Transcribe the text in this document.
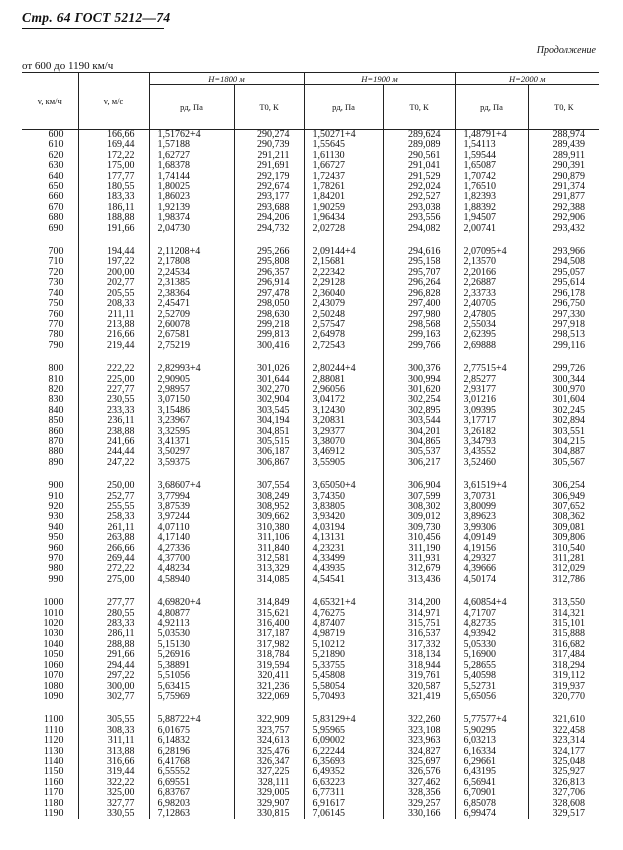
Стр. 64 ГОСТ 5212—74
Продолжение
от 600 до 1190 км/ч
v, км/ч	v, м/с	H=1800 м		H=1900 м		H=2000 м	
		pд, Па	T0, К	pд, Па	T0, К	pд, Па	T0, К
600	166,66	1,51762+4	290,274	1,50271+4	289,624	1,48791+4	288,974
610	169,44	1,57188	290,739	1,55645	289,089	1,54113	289,439
620	172,22	1,62727	291,211	1,61130	290,561	1,59544	289,911
630	175,00	1,68378	291,691	1,66727	291,041	1,65087	290,391
640	177,77	1,74144	292,179	1,72437	291,529	1,70742	290,879
650	180,55	1,80025	292,674	1,78261	292,024	1,76510	291,374
660	183,33	1,86023	293,177	1,84201	292,527	1,82393	291,877
670	186,11	1,92139	293,688	1,90259	293,038	1,88392	292,388
680	188,88	1,98374	294,206	1,96434	293,556	1,94507	292,906
690	191,66	2,04730	294,732	2,02728	294,082	2,00741	293,432

700	194,44	2,11208+4	295,266	2,09144+4	294,616	2,07095+4	293,966
710	197,22	2,17808	295,808	2,15681	295,158	2,13570	294,508
720	200,00	2,24534	296,357	2,22342	295,707	2,20166	295,057
730	202,77	2,31385	296,914	2,29128	296,264	2,26887	295,614
740	205,55	2,38364	297,478	2,36040	296,828	2,33733	296,178
750	208,33	2,45471	298,050	2,43079	297,400	2,40705	296,750
760	211,11	2,52709	298,630	2,50248	297,980	2,47805	297,330
770	213,88	2,60078	299,218	2,57547	298,568	2,55034	297,918
780	216,66	2,67581	299,813	2,64978	299,163	2,62395	298,513
790	219,44	2,75219	300,416	2,72543	299,766	2,69888	299,116

800	222,22	2,82993+4	301,026	2,80244+4	300,376	2,77515+4	299,726
810	225,00	2,90905	301,644	2,88081	300,994	2,85277	300,344
820	227,77	2,98957	302,270	2,96056	301,620	2,93177	300,970
830	230,55	3,07150	302,904	3,04172	302,254	3,01216	301,604
840	233,33	3,15486	303,545	3,12430	302,895	3,09395	302,245
850	236,11	3,23967	304,194	3,20831	303,544	3,17717	302,894
860	238,88	3,32595	304,851	3,29377	304,201	3,26182	303,551
870	241,66	3,41371	305,515	3,38070	304,865	3,34793	304,215
880	244,44	3,50297	306,187	3,46912	305,537	3,43552	304,887
890	247,22	3,59375	306,867	3,55905	306,217	3,52460	305,567

900	250,00	3,68607+4	307,554	3,65050+4	306,904	3,61519+4	306,254
910	252,77	3,77994	308,249	3,74350	307,599	3,70731	306,949
920	255,55	3,87539	308,952	3,83805	308,302	3,80099	307,652
930	258,33	3,97244	309,662	3,93420	309,012	3,89623	308,362
940	261,11	4,07110	310,380	4,03194	309,730	3,99306	309,081
950	263,88	4,17140	311,106	4,13131	310,456	4,09149	309,806
960	266,66	4,27336	311,840	4,23231	311,190	4,19156	310,540
970	269,44	4,37700	312,581	4,33499	311,931	4,29327	311,281
980	272,22	4,48234	313,329	4,43935	312,679	4,39666	312,029
990	275,00	4,58940	314,085	4,54541	313,436	4,50174	312,786

1000	277,77	4,69820+4	314,849	4,65321+4	314,200	4,60854+4	313,550
1010	280,55	4,80877	315,621	4,76275	314,971	4,71707	314,321
1020	283,33	4,92113	316,400	4,87407	315,751	4,82735	315,101
1030	286,11	5,03530	317,187	4,98719	316,537	4,93942	315,888
1040	288,88	5,15130	317,982	5,10212	317,332	5,05330	316,682
1050	291,66	5,26916	318,784	5,21890	318,134	5,16900	317,484
1060	294,44	5,38891	319,594	5,33755	318,944	5,28655	318,294
1070	297,22	5,51056	320,411	5,45808	319,761	5,40598	319,112
1080	300,00	5,63415	321,236	5,58054	320,587	5,52731	319,937
1090	302,77	5,75969	322,069	5,70493	321,419	5,65056	320,770

1100	305,55	5,88722+4	322,909	5,83129+4	322,260	5,77577+4	321,610
1110	308,33	6,01675	323,757	5,95965	323,108	5,90295	322,458
1120	311,11	6,14832	324,613	6,09002	323,963	6,03213	323,314
1130	313,88	6,28196	325,476	6,22244	324,827	6,16334	324,177
1140	316,66	6,41768	326,347	6,35693	325,697	6,29661	325,048
1150	319,44	6,55552	327,225	6,49352	326,576	6,43195	325,927
1160	322,22	6,69551	328,111	6,63223	327,462	6,56941	326,813
1170	325,00	6,83767	329,005	6,77311	328,356	6,70901	327,706
1180	327,77	6,98203	329,907	6,91617	329,257	6,85078	328,608
1190	330,55	7,12863	330,815	7,06145	330,166	6,99474	329,517
